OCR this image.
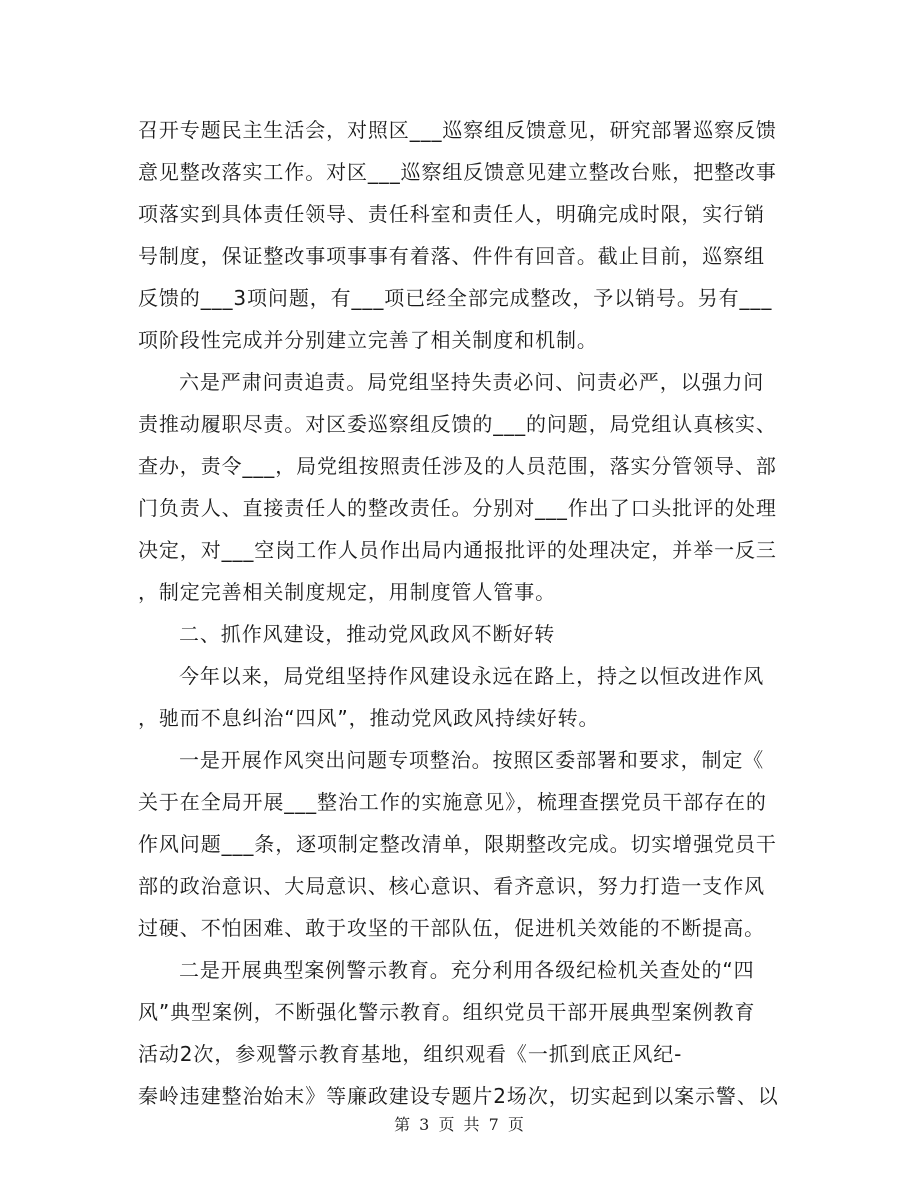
召开专题民主生活会，对照区___巡察组反馈意见，研究部署巡察反馈
意见整改落实工作。对区___巡察组反馈意见建立整改台账，把整改事
项落实到具体责任领导、责任科室和责任人，明确完成时限，实行销
号制度，保证整改事项事事有着落、件件有回音。截止目前，巡察组
反馈的___3项问题，有___项已经全部完成整改，予以销号。另有___
项阶段性完成并分别建立完善了相关制度和机制。
六是严肃问责追责。局党组坚持失责必问、问责必严，以强力问
责推动履职尽责。对区委巡察组反馈的___的问题，局党组认真核实、
查办，责令___，局党组按照责任涉及的人员范围，落实分管领导、部
门负责人、直接责任人的整改责任。分别对___作出了口头批评的处理
决定，对___空岗工作人员作出局内通报批评的处理决定，并举一反三
，制定完善相关制度规定，用制度管人管事。
二、抓作风建设，推动党风政风不断好转
今年以来，局党组坚持作风建设永远在路上，持之以恒改进作风
，驰而不息纠治“四风”，推动党风政风持续好转。
一是开展作风突出问题专项整治。按照区委部署和要求，制定《
关于在全局开展___整治工作的实施意见》，梳理查摆党员干部存在的
作风问题___条，逐项制定整改清单，限期整改完成。切实增强党员干
部的政治意识、大局意识、核心意识、看齐意识，努力打造一支作风
过硬、不怕困难、敢于攻坚的干部队伍，促进机关效能的不断提高。
二是开展典型案例警示教育。充分利用各级纪检机关查处的“四
风”典型案例，不断强化警示教育。组织党员干部开展典型案例教育
活动2次，参观警示教育基地，组织观看《一抓到底正风纪-
秦岭违建整治始末》等廉政建设专题片2场次，切实起到以案示警、以
第 3 页 共 7 页
